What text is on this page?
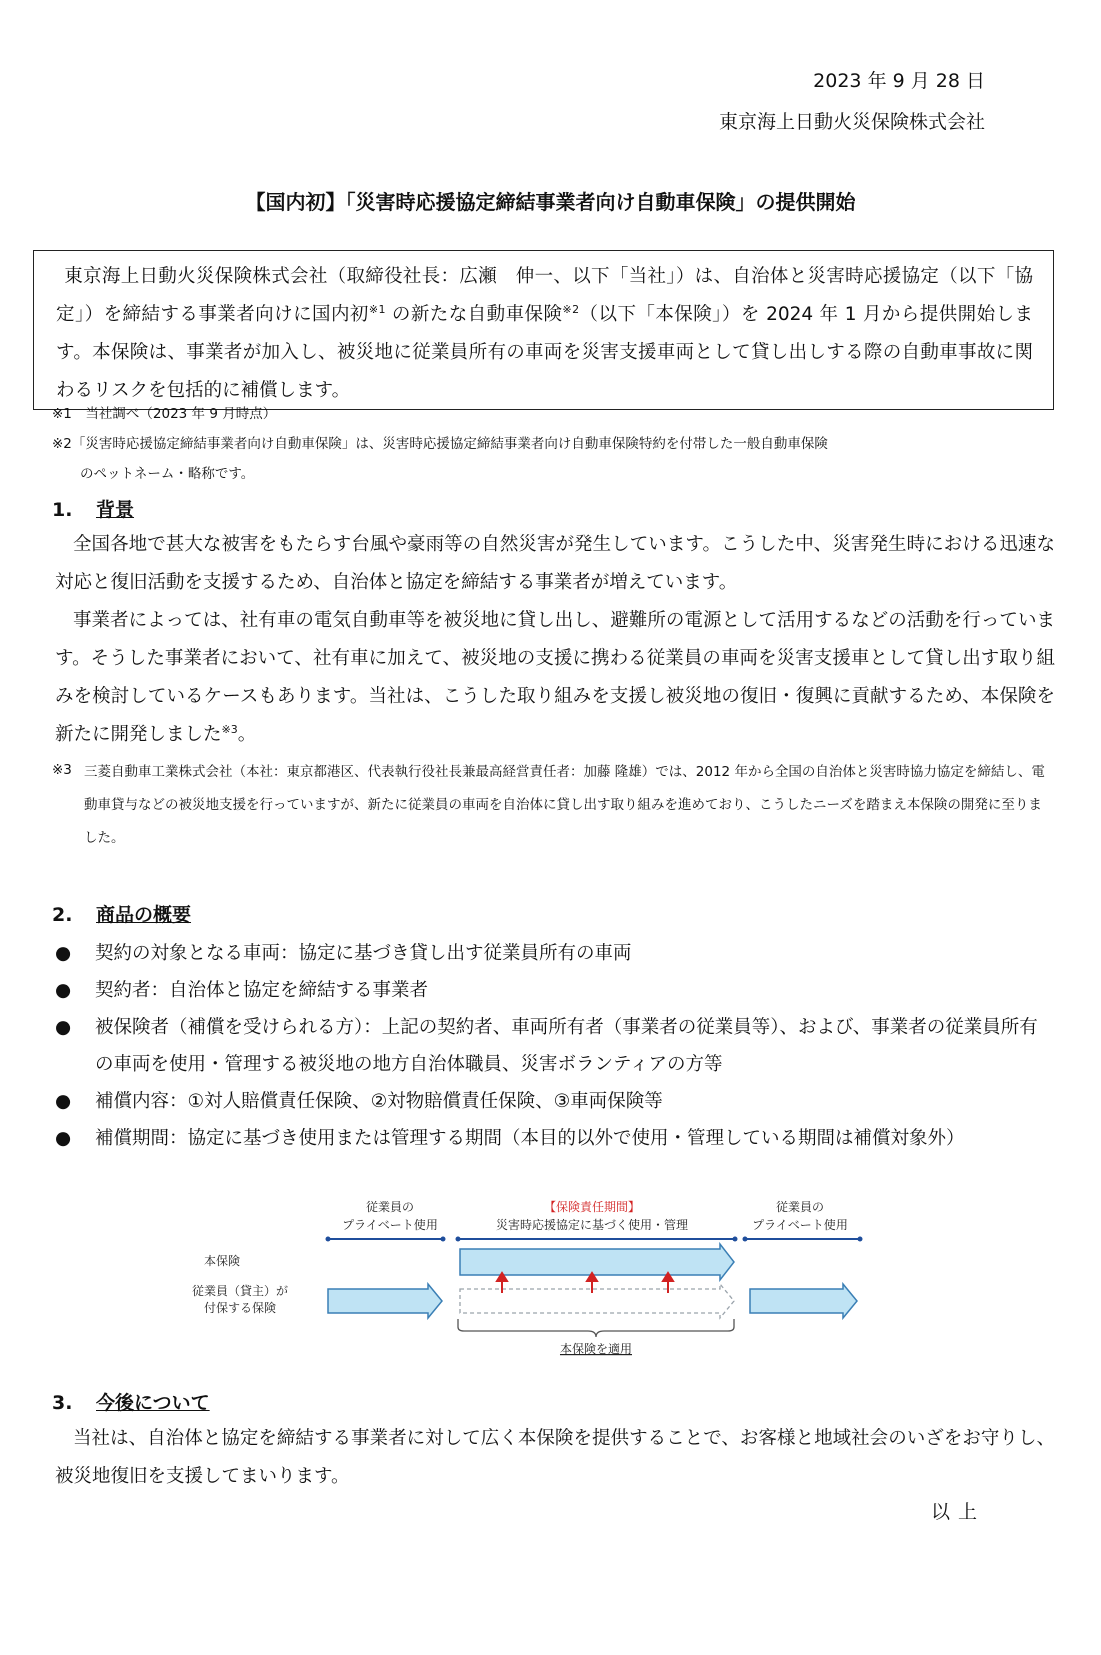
2023 年 9 月 28 日
東京海上日動火災保険株式会社
【国内初】「災害時応援協定締結事業者向け自動車保険」の提供開始
東京海上日動火災保険株式会社（取締役社長：広瀬　伸一、以下「当社」）は、自治体と災害時応援協定（以下「協定」）を締結する事業者向けに国内初$^{※1}$ の新たな自動車保険$^{※2}$（以下「本保険」）を 2024 年 1 月から提供開始します。本保険は、事業者が加入し、被災地に従業員所有の車両を災害支援車両として貸し出しする際の自動車事故に関わるリスクを包括的に補償します。
※1　当社調べ（2023 年 9 月時点）
※2「災害時応援協定締結事業者向け自動車保険」は、災害時応援協定締結事業者向け自動車保険特約を付帯した一般自動車保険
のペットネーム・略称です。
1. 背景
全国各地で甚大な被害をもたらす台風や豪雨等の自然災害が発生しています。こうした中、災害発生時における迅速な対応と復旧活動を支援するため、自治体と協定を締結する事業者が増えています。
事業者によっては、社有車の電気自動車等を被災地に貸し出し、避難所の電源として活用するなどの活動を行っています。そうした事業者において、社有車に加えて、被災地の支援に携わる従業員の車両を災害支援車として貸し出す取り組みを検討しているケースもあります。当社は、こうした取り組みを支援し被災地の復旧・復興に貢献するため、本保険を新たに開発しました$^{※3}$。
※3 三菱自動車工業株式会社（本社：東京都港区、代表執行役社長兼最高経営責任者：加藤 隆雄）では、2012 年から全国の自治体と災害時協力協定を締結し、電動車貸与などの被災地支援を行っていますが、新たに従業員の車両を自治体に貸し出す取り組みを進めており、こうしたニーズを踏まえ本保険の開発に至りました。
2. 商品の概要
● 契約の対象となる車両：協定に基づき貸し出す従業員所有の車両
● 契約者：自治体と協定を締結する事業者
● 被保険者（補償を受けられる方）：上記の契約者、車両所有者（事業者の従業員等）、および、事業者の従業員所有の車両を使用・管理する被災地の地方自治体職員、災害ボランティアの方等
● 補償内容：①対人賠償責任保険、②対物賠償責任保険、③車両保険等
● 補償期間：協定に基づき使用または管理する期間（本目的以外で使用・管理している期間は補償対象外）
従業員の
プライベート使用
【保険責任期間】
災害時応援協定に基づく使用・管理
従業員の
プライベート使用
本保険
従業員（貸主）が
付保する保険
本保険を適用
3. 今後について
当社は、自治体と協定を締結する事業者に対して広く本保険を提供することで、お客様と地域社会のいざをお守りし、被災地復旧を支援してまいります。
以上
